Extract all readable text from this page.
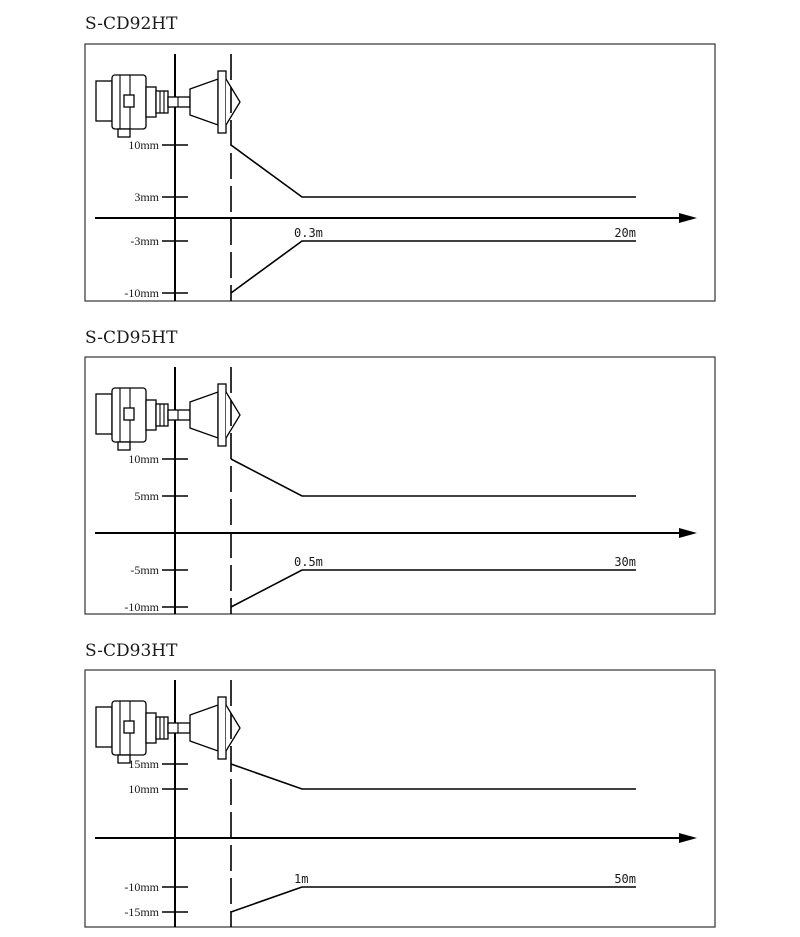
S-CD92HT
10mm
3mm
-3mm
-10mm
0.3m	20m
S-CD95HT
10mm
5mm
-5mm
-10mm
0.5m	30m
S-CD93HT
15mm
10mm
-10mm
-15mm
1m	50m
